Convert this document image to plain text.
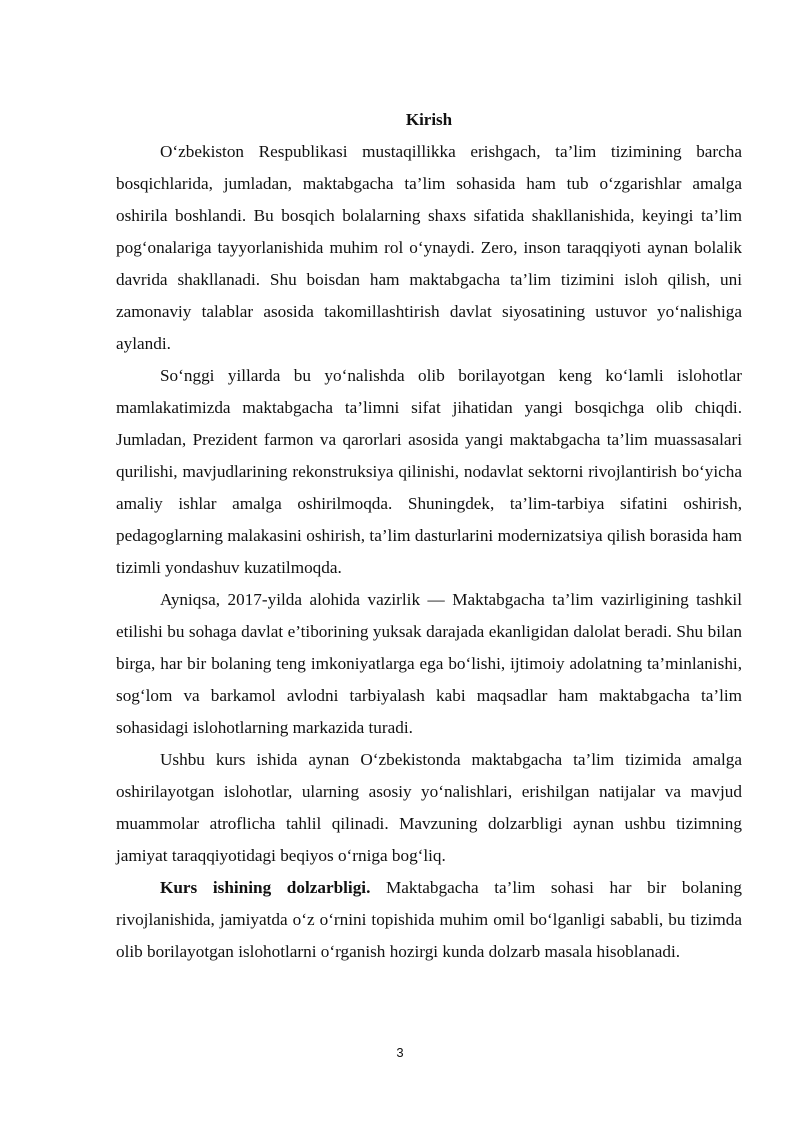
Kirish

O‘zbekiston Respublikasi mustaqillikka erishgach, ta’lim tizimining barcha bosqichlarida, jumladan, maktabgacha ta’lim sohasida ham tub o‘zgarishlar amalga oshirila boshlandi. Bu bosqich bolalarning shaxs sifatida shakllanishida, keyingi ta’lim pog‘onalariga tayyorlanishida muhim rol o‘ynaydi. Zero, inson taraqqiyoti aynan bolalik davrida shakllanadi. Shu boisdan ham maktabgacha ta’lim tizimini isloh qilish, uni zamonaviy talablar asosida takomillashtirish davlat siyosatining ustuvor yo‘nalishiga aylandi.

So‘nggi yillarda bu yo‘nalishda olib borilayotgan keng ko‘lamli islohotlar mamlakatimizda maktabgacha ta’limni sifat jihatidan yangi bosqichga olib chiqdi. Jumladan, Prezident farmon va qarorlari asosida yangi maktabgacha ta’lim muassasalari qurilishi, mavjudlarining rekonstruksiya qilinishi, nodavlat sektorni rivojlantirish bo‘yicha amaliy ishlar amalga oshirilmoqda. Shuningdek, ta’lim-tarbiya sifatini oshirish, pedagoglarning malakasini oshirish, ta’lim dasturlarini modernizatsiya qilish borasida ham tizimli yondashuv kuzatilmoqda.

Ayniqsa, 2017-yilda alohida vazirlik — Maktabgacha ta’lim vazirligining tashkil etilishi bu sohaga davlat e’tiborining yuksak darajada ekanligidan dalolat beradi. Shu bilan birga, har bir bolaning teng imkoniyatlarga ega bo‘lishi, ijtimoiy adolatning ta’minlanishi, sog‘lom va barkamol avlodni tarbiyalash kabi maqsadlar ham maktabgacha ta’lim sohasidagi islohotlarning markazida turadi.

Ushbu kurs ishida aynan O‘zbekistonda maktabgacha ta’lim tizimida amalga oshirilayotgan islohotlar, ularning asosiy yo‘nalishlari, erishilgan natijalar va mavjud muammolar atroflicha tahlil qilinadi. Mavzuning dolzarbligi aynan ushbu tizimning jamiyat taraqqiyotidagi beqiyos o‘rniga bog‘liq.

Kurs ishining dolzarbligi. Maktabgacha ta’lim sohasi har bir bolaning rivojlanishida, jamiyatda o‘z o‘rnini topishida muhim omil bo‘lganligi sababli, bu tizimda olib borilayotgan islohotlarni o‘rganish hozirgi kunda dolzarb masala hisoblanadi.

3
